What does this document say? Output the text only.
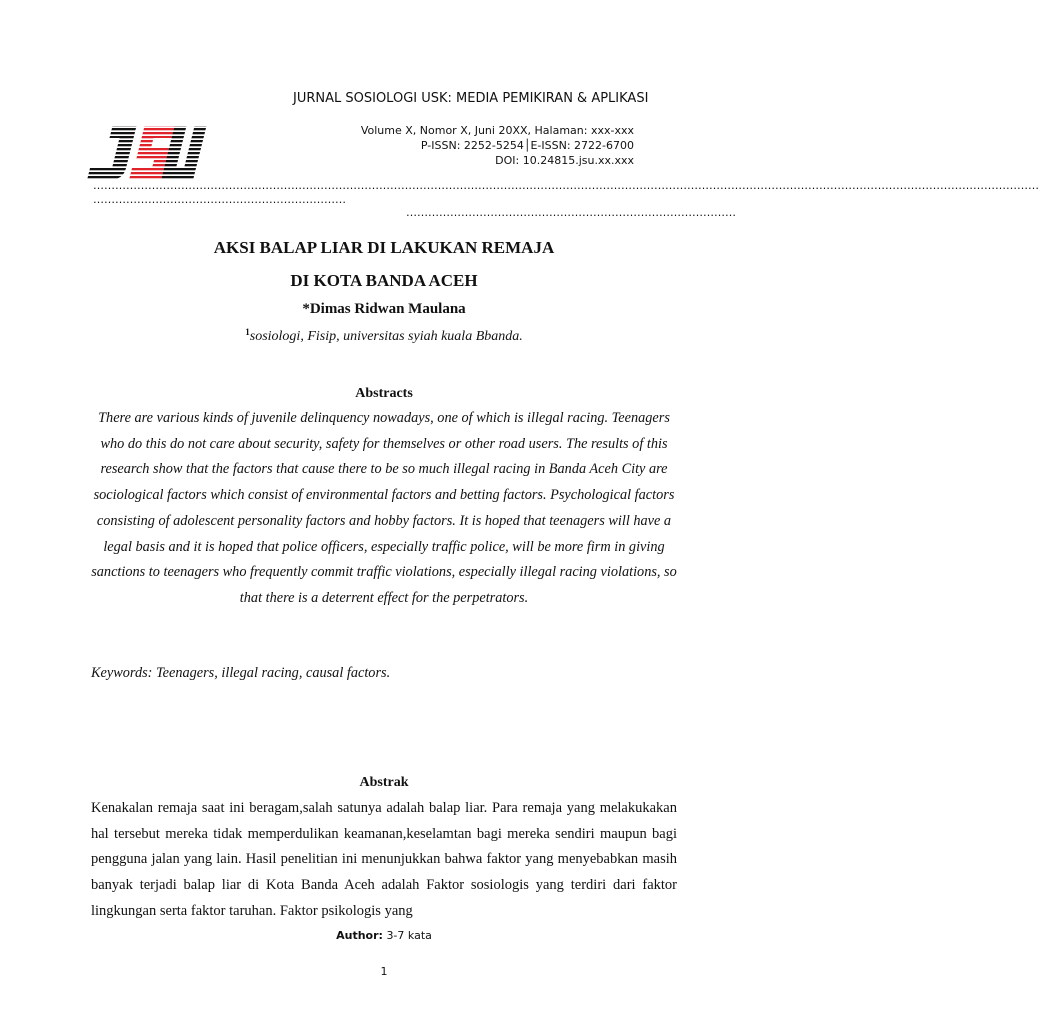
JURNAL SOSIOLOGI USK: MEDIA PEMIKIRAN & APLIKASI
Volume X, Nomor X, Juni 20XX, Halaman: xxx-xxx
P-ISSN: 2252-5254│E-ISSN: 2722-6700
DOI: 10.24815.jsu.xx.xxx
……………………………………………………………………………………………………………………………………………………………………………………………………………………………………
……………………………………………………………
………………………………………………………………………………
AKSI BALAP LIAR DI LAKUKAN REMAJA
DI KOTA BANDA ACEH
*Dimas Ridwan Maulana
$^1$sosiologi, Fisip, universitas syiah kuala Bbanda.
Abstracts

There are various kinds of juvenile delinquency nowadays, one of which is illegal racing. Teenagers who do this do not care about security, safety for themselves or other road users. The results of this research show that the factors that cause there to be so much illegal racing in Banda Aceh City are sociological factors which consist of environmental factors and betting factors. Psychological factors consisting of adolescent personality factors and hobby factors. It is hoped that teenagers will have a legal basis and it is hoped that police officers, especially traffic police, will be more firm in giving sanctions to teenagers who frequently commit traffic violations, especially illegal racing violations, so that there is a deterrent effect for the perpetrators.

Keywords: Teenagers, illegal racing, causal factors.
Abstrak

Kenakalan remaja saat ini beragam,salah satunya adalah balap liar. Para remaja yang melakukakan hal tersebut mereka tidak memperdulikan keamanan,keselamtan bagi mereka sendiri maupun bagi pengguna jalan yang lain. Hasil penelitian ini menunjukkan bahwa faktor yang menyebabkan masih banyak terjadi balap liar di Kota Banda Aceh adalah Faktor sosiologis yang terdiri dari faktor lingkungan serta faktor taruhan. Faktor psikologis yang

Author: 3-7 kata
1
